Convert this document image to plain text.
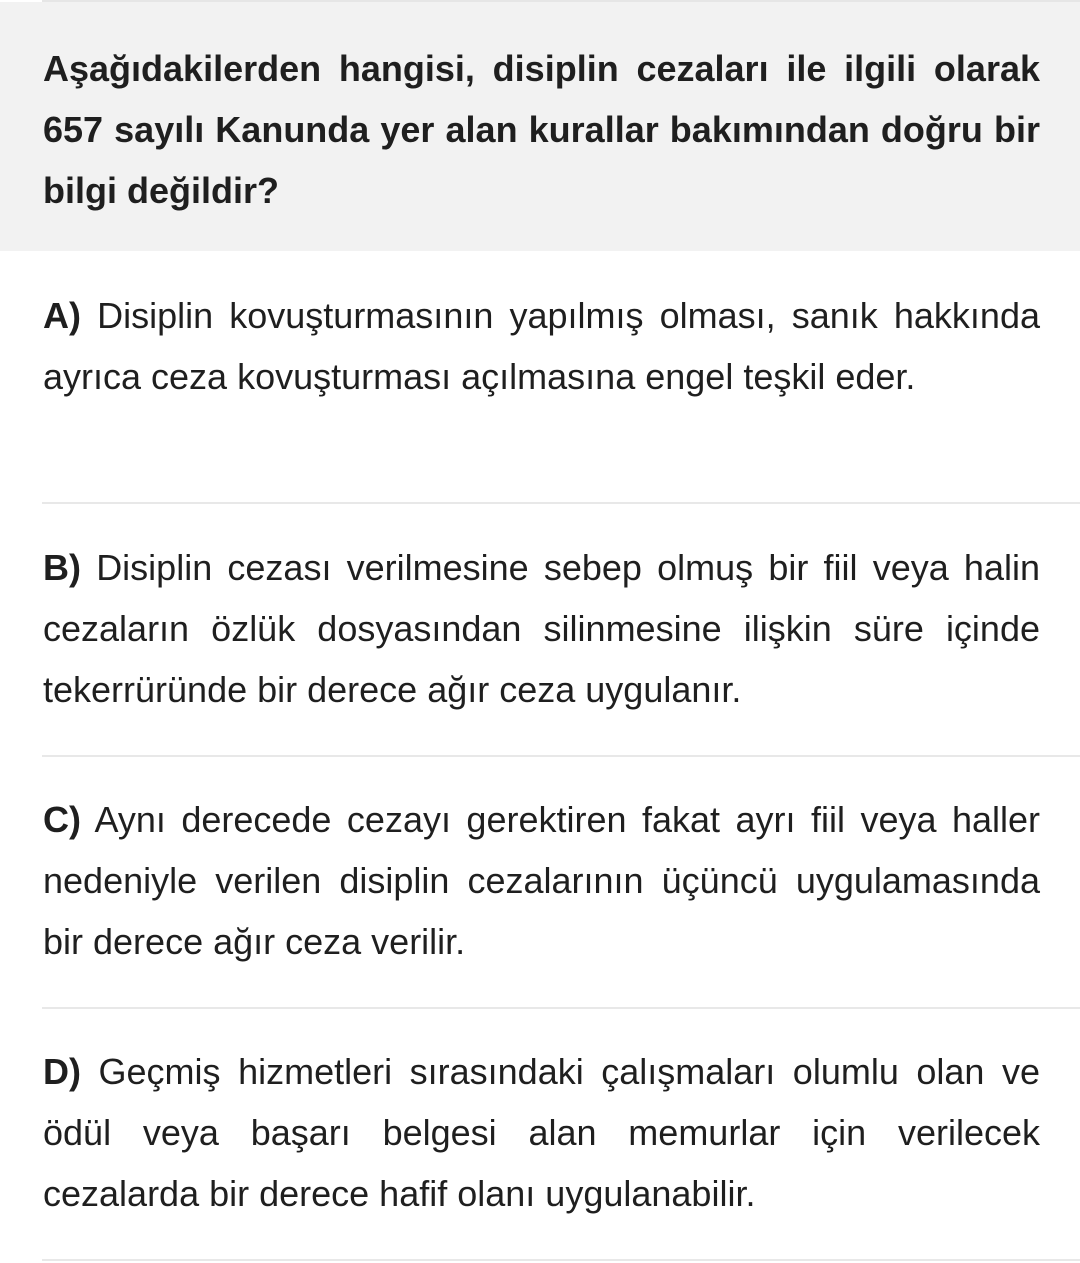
Aşağıdakilerden hangisi, disiplin cezaları ile ilgili olarak 657 sayılı Kanunda yer alan kurallar bakımından doğru bir bilgi değildir?

A) Disiplin kovuşturmasının yapılmış olması, sanık hakkında ayrıca ceza kovuşturması açılmasına engel teşkil eder.

B) Disiplin cezası verilmesine sebep olmuş bir fiil veya halin cezaların özlük dosyasından silinmesine ilişkin süre içinde tekerrüründe bir derece ağır ceza uygulanır.

C) Aynı derecede cezayı gerektiren fakat ayrı fiil veya haller nedeniyle verilen disiplin cezalarının üçüncü uygulamasında bir derece ağır ceza verilir.

D) Geçmiş hizmetleri sırasındaki çalışmaları olumlu olan ve ödül veya başarı belgesi alan memurlar için verilecek cezalarda bir derece hafif olanı uygulanabilir.
